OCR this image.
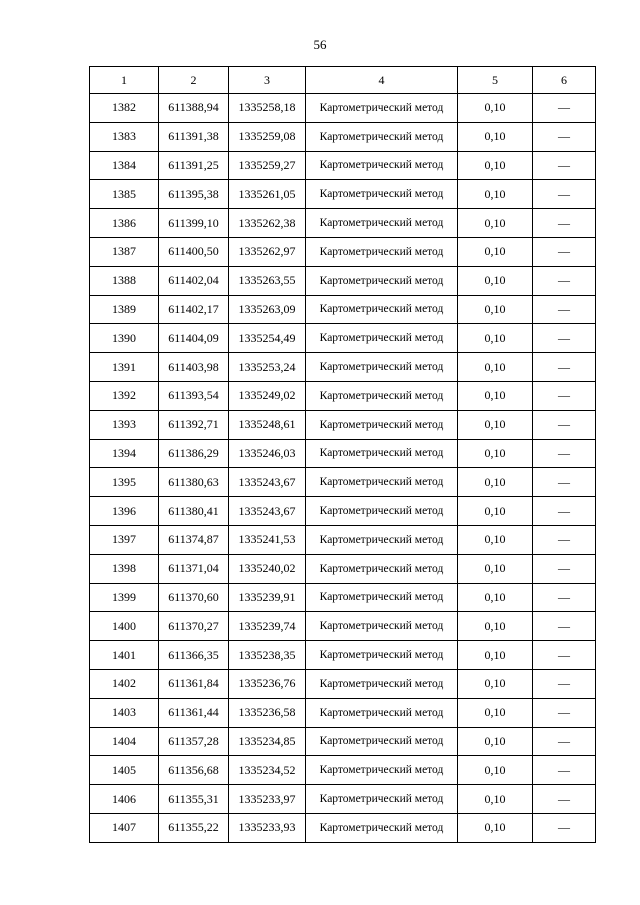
56
1	2	3	4	5	6
1382	611388,94	1335258,18	Картометрический метод	0,10	—
1383	611391,38	1335259,08	Картометрический метод	0,10	—
1384	611391,25	1335259,27	Картометрический метод	0,10	—
1385	611395,38	1335261,05	Картометрический метод	0,10	—
1386	611399,10	1335262,38	Картометрический метод	0,10	—
1387	611400,50	1335262,97	Картометрический метод	0,10	—
1388	611402,04	1335263,55	Картометрический метод	0,10	—
1389	611402,17	1335263,09	Картометрический метод	0,10	—
1390	611404,09	1335254,49	Картометрический метод	0,10	—
1391	611403,98	1335253,24	Картометрический метод	0,10	—
1392	611393,54	1335249,02	Картометрический метод	0,10	—
1393	611392,71	1335248,61	Картометрический метод	0,10	—
1394	611386,29	1335246,03	Картометрический метод	0,10	—
1395	611380,63	1335243,67	Картометрический метод	0,10	—
1396	611380,41	1335243,67	Картометрический метод	0,10	—
1397	611374,87	1335241,53	Картометрический метод	0,10	—
1398	611371,04	1335240,02	Картометрический метод	0,10	—
1399	611370,60	1335239,91	Картометрический метод	0,10	—
1400	611370,27	1335239,74	Картометрический метод	0,10	—
1401	611366,35	1335238,35	Картометрический метод	0,10	—
1402	611361,84	1335236,76	Картометрический метод	0,10	—
1403	611361,44	1335236,58	Картометрический метод	0,10	—
1404	611357,28	1335234,85	Картометрический метод	0,10	—
1405	611356,68	1335234,52	Картометрический метод	0,10	—
1406	611355,31	1335233,97	Картометрический метод	0,10	—
1407	611355,22	1335233,93	Картометрический метод	0,10	—
